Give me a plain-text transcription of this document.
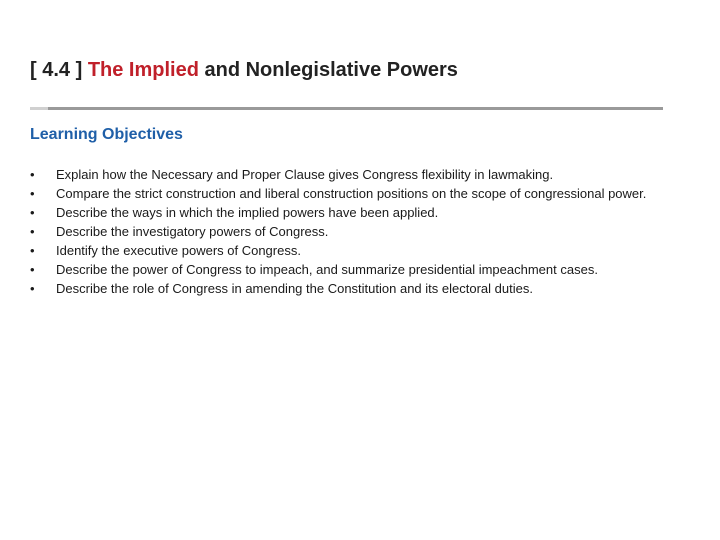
[ 4.4 ] The Implied and Nonlegislative Powers
Learning Objectives
•	Explain how the Necessary and Proper Clause gives Congress flexibility in lawmaking.
•	Compare the strict construction and liberal construction positions on the scope of congressional power.
•	Describe the ways in which the implied powers have been applied.
•	Describe the investigatory powers of Congress.
•	Identify the executive powers of Congress.
•	Describe the power of Congress to impeach, and summarize presidential impeachment cases.
•	Describe the role of Congress in amending the Constitution and its electoral duties.
